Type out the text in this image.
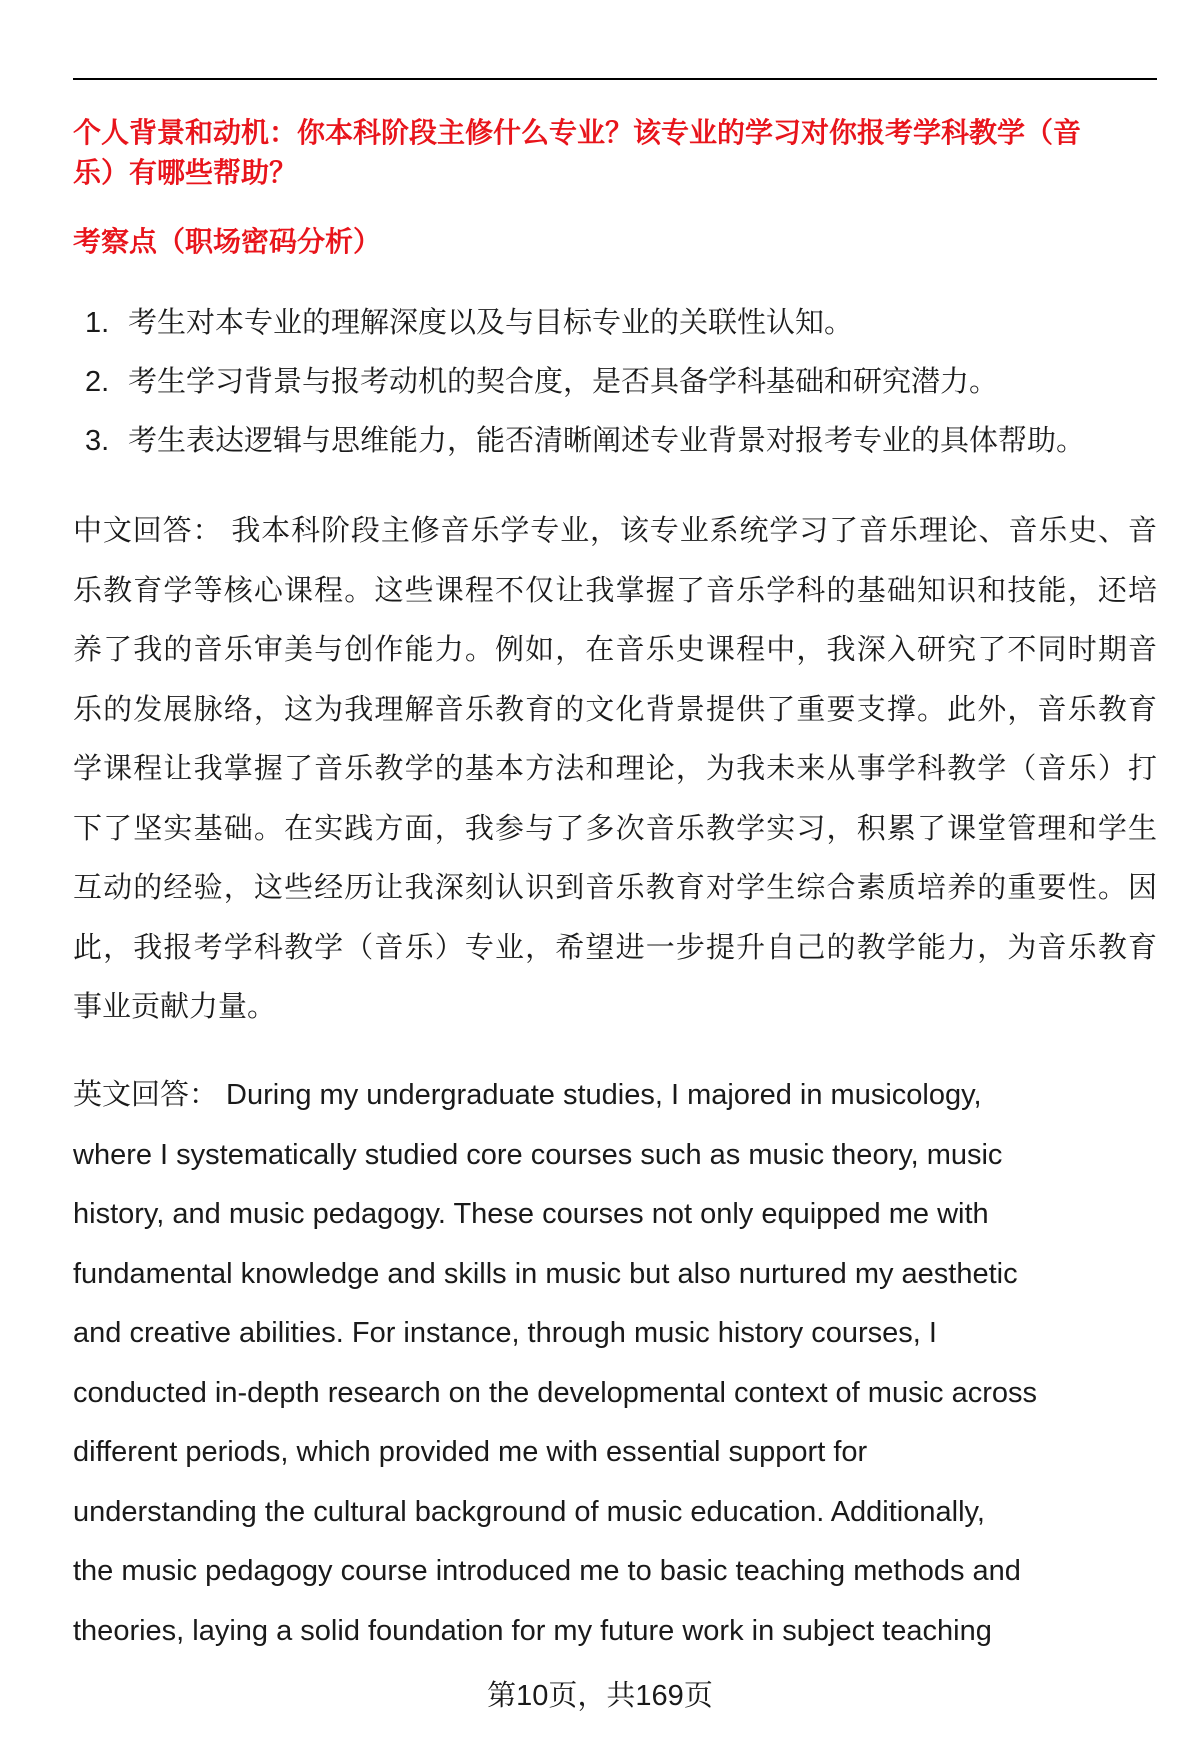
个人背景和动机：你本科阶段主修什么专业？该专业的学习对你报考学科教学（音
乐）有哪些帮助？
考察点（职场密码分析）
1. 考生对本专业的理解深度以及与目标专业的关联性认知。
2. 考生学习背景与报考动机的契合度，是否具备学科基础和研究潜力。
3. 考生表达逻辑与思维能力，能否清晰阐述专业背景对报考专业的具体帮助。
中文回答： 我本科阶段主修音乐学专业，该专业系统学习了音乐理论、音乐史、音
乐教育学等核心课程。这些课程不仅让我掌握了音乐学科的基础知识和技能，还培
养了我的音乐审美与创作能力。例如，在音乐史课程中，我深入研究了不同时期音
乐的发展脉络，这为我理解音乐教育的文化背景提供了重要支撑。此外，音乐教育
学课程让我掌握了音乐教学的基本方法和理论，为我未来从事学科教学（音乐）打
下了坚实基础。在实践方面，我参与了多次音乐教学实习，积累了课堂管理和学生
互动的经验，这些经历让我深刻认识到音乐教育对学生综合素质培养的重要性。因
此，我报考学科教学（音乐）专业，希望进一步提升自己的教学能力，为音乐教育
事业贡献力量。
英文回答： During my undergraduate studies, I majored in musicology,
where I systematically studied core courses such as music theory, music
history, and music pedagogy. These courses not only equipped me with
fundamental knowledge and skills in music but also nurtured my aesthetic
and creative abilities. For instance, through music history courses, I
conducted in-depth research on the developmental context of music across
different periods, which provided me with essential support for
understanding the cultural background of music education. Additionally,
the music pedagogy course introduced me to basic teaching methods and
theories, laying a solid foundation for my future work in subject teaching
第10页，共169页
